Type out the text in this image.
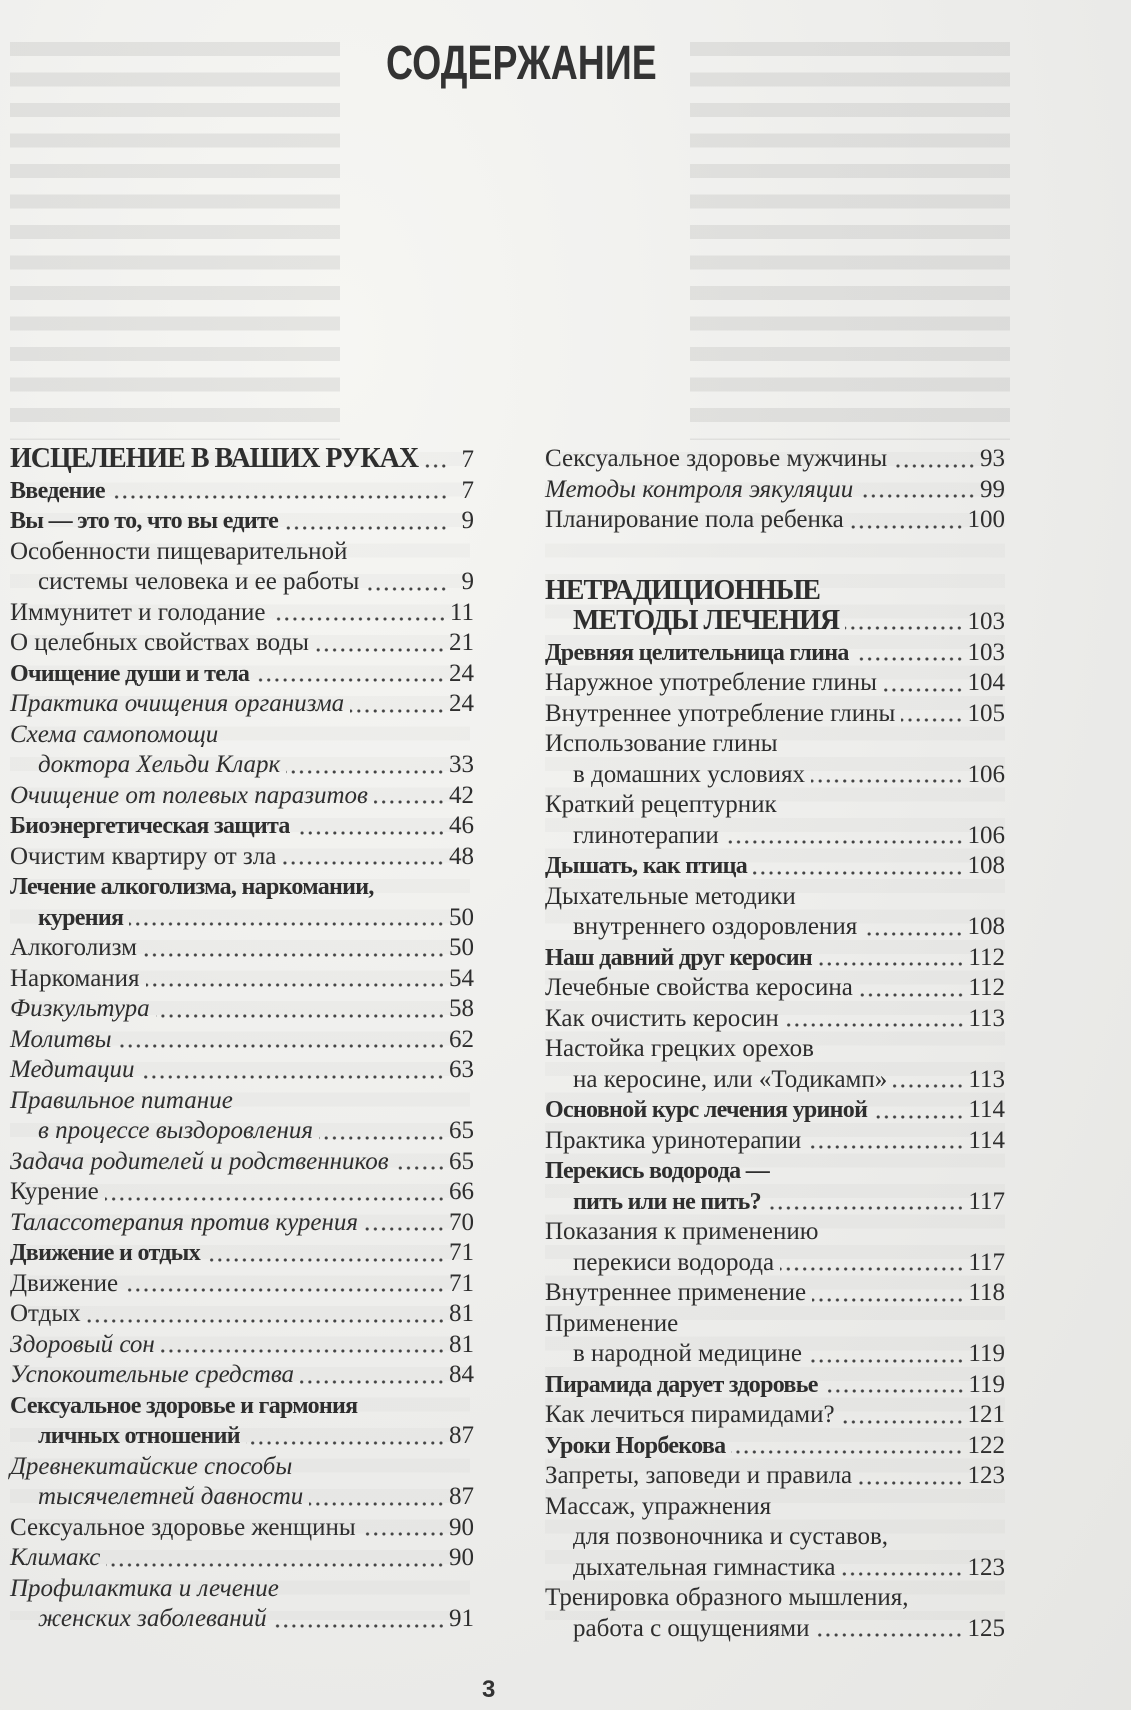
СОДЕРЖАНИЕ
ИСЦЕЛЕНИЕ В ВАШИХ РУКАХ	7
Введение	7
Вы — это то, что вы едите	9
Особенности пищеварительной
системы человека и ее работы	9
Иммунитет и голодание	11
О целебных свойствах воды	21
Очищение души и тела	24
Практика очищения организма	24
Схема самопомощи
доктора Хельди Кларк	33
Очищение от полевых паразитов	42
Биоэнергетическая защита	46
Очистим квартиру от зла	48
Лечение алкоголизма, наркомании,
курения	50
Алкоголизм	50
Наркомания	54
Физкультура	58
Молитвы	62
Медитации	63
Правильное питание
в процессе выздоровления	65
Задача родителей и родственников 65
Курение	66
Талассотерапия против курения	70
Движение и отдых	71
Движение	71
Отдых	81
Здоровый сон	81
Успокоительные средства	84
Сексуальное здоровье и гармония
личных отношений	87
Древнекитайские способы
тысячелетней давности	87
Сексуальное здоровье женщины	90
Климакс	90
Профилактика и лечение
женских заболеваний	91
Сексуальное здоровье мужчины	93
Методы контроля эякуляции	99
Планирование пола ребенка	100
НЕТРАДИЦИОННЫЕ
МЕТОДЫ ЛЕЧЕНИЯ	103
Древняя целительница глина	103
Наружное употребление глины	104
Внутреннее употребление глины	105
Использование глины
в домашних условиях	106
Краткий рецептурник
глинотерапии	106
Дышать, как птица	108
Дыхательные методики
внутреннего оздоровления	108
Наш давний друг керосин	112
Лечебные свойства керосина	112
Как очистить керосин	113
Настойка грецких орехов
на керосине, или «Тодикамп»	113
Основной курс лечения уриной	114
Практика уринотерапии	114
Перекись водорода —
пить или не пить?	117
Показания к применению
перекиси водорода	117
Внутреннее применение	118
Применение
в народной медицине	119
Пирамида дарует здоровье	119
Как лечиться пирамидами?	121
Уроки Норбекова	122
Запреты, заповеди и правила	123
Массаж, упражнения
для позвоночника и суставов,
дыхательная гимнастика	123
Тренировка образного мышления,
работа с ощущениями	125
3
